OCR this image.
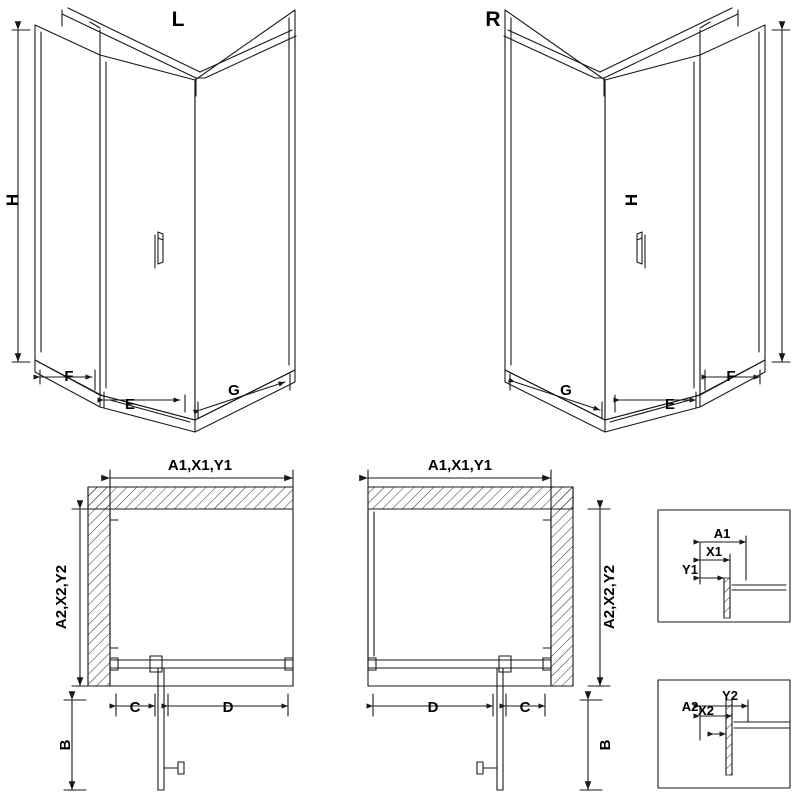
L	R
H
F
E
G
H
F
E
G
A1,X1,Y1
A2,X2,Y2
B
C	D
A1,X1,Y1
A2,X2,Y2
B
D	C
A1
X1
Y1
A2 X2
Y2
